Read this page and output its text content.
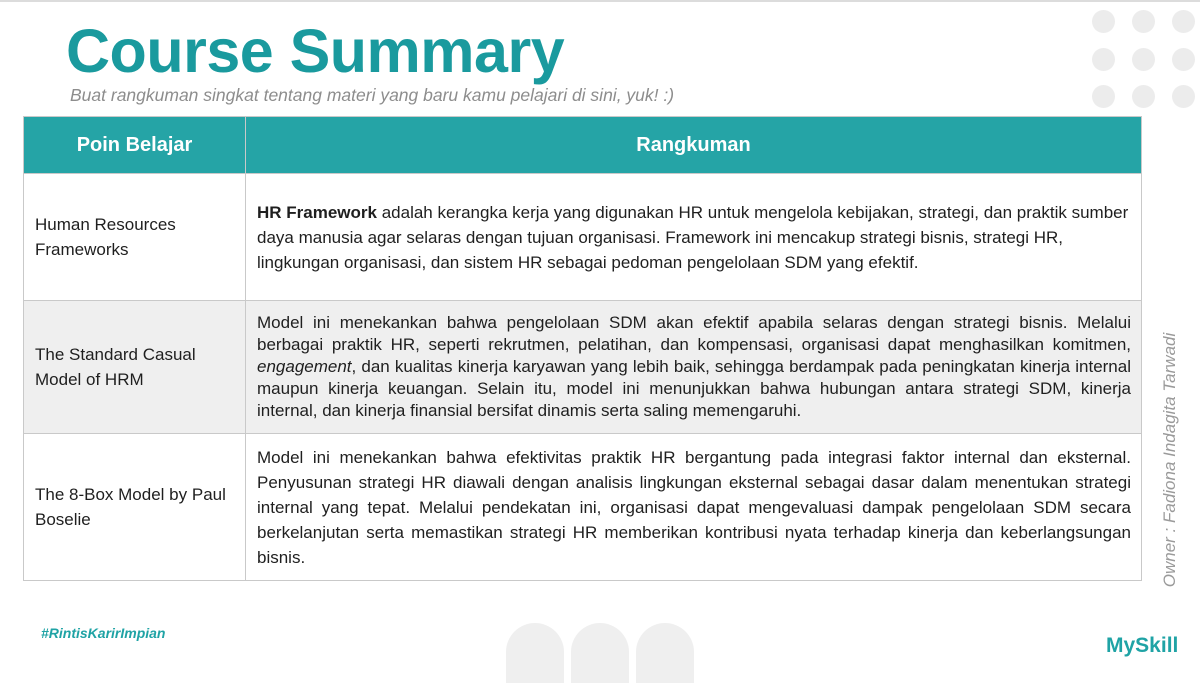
Course Summary
Buat rangkuman singkat tentang materi yang baru kamu pelajari di sini, yuk! :)
Poin Belajar	Rangkuman
Human Resources Frameworks	HR Framework adalah kerangka kerja yang digunakan HR untuk mengelola kebijakan, strategi, dan praktik sumber daya manusia agar selaras dengan tujuan organisasi. Framework ini mencakup strategi bisnis, strategi HR, lingkungan organisasi, dan sistem HR sebagai pedoman pengelolaan SDM yang efektif.
The Standard Casual Model of HRM	Model ini menekankan bahwa pengelolaan SDM akan efektif apabila selaras dengan strategi bisnis. Melalui berbagai praktik HR, seperti rekrutmen, pelatihan, dan kompensasi, organisasi dapat menghasilkan komitmen, engagement, dan kualitas kinerja karyawan yang lebih baik, sehingga berdampak pada peningkatan kinerja internal maupun kinerja keuangan. Selain itu, model ini menunjukkan bahwa hubungan antara strategi SDM, kinerja internal, dan kinerja finansial bersifat dinamis serta saling memengaruhi.
The 8-Box Model by Paul Boselie	Model ini menekankan bahwa efektivitas praktik HR bergantung pada integrasi faktor internal dan eksternal. Penyusunan strategi HR diawali dengan analisis lingkungan eksternal sebagai dasar dalam menentukan strategi internal yang tepat. Melalui pendekatan ini, organisasi dapat mengevaluasi dampak pengelolaan SDM secara berkelanjutan serta memastikan strategi HR memberikan kontribusi nyata terhadap kinerja dan keberlangsungan bisnis.	Owner : Fadiona Indagita Tarwadi
#RintisKarirImpian
MySkill
